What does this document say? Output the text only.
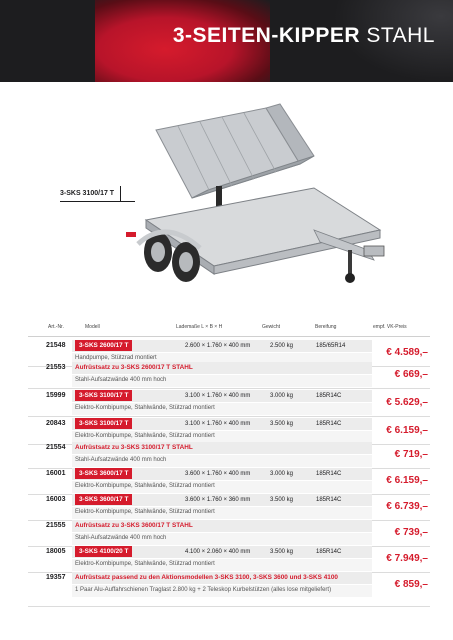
3-SEITEN-KIPPER STAHL
3-SKS 3100/17 T
Art.-Nr.	Modell	Lademaße L × B × H	Gewicht	Bereifung	empf. VK-Preis
21548	3-SKS 2600/17 T	2.600 × 1.760 × 400 mm	2.500 kg	185/65R14
Handpumpe, Stützrad montiert	€ 4.589,–
21553 Aufrüstsatz zu 3-SKS 2600/17 T STAHL
Stahl-Aufsatzwände 400 mm hoch	€ 669,–
15999	3-SKS 3100/17 T	3.100 × 1.760 × 400 mm	3.000 kg	185R14C
Elektro-Kombipumpe, Stahlwände, Stützrad montiert	€ 5.629,–
20843	3-SKS 3100/17 T	3.100 × 1.760 × 400 mm	3.500 kg	185R14C
Elektro-Kombipumpe, Stahlwände, Stützrad montiert	€ 6.159,–
21554 Aufrüstsatz zu 3-SKS 3100/17 T STAHL
Stahl-Aufsatzwände 400 mm hoch	€ 719,–
16001	3-SKS 3600/17 T	3.600 × 1.760 × 400 mm	3.000 kg	185R14C
Elektro-Kombipumpe, Stahlwände, Stützrad montiert	€ 6.159,–
16003	3-SKS 3600/17 T	3.600 × 1.760 × 360 mm	3.500 kg	185R14C
Elektro-Kombipumpe, Stahlwände, Stützrad montiert	€ 6.739,–
21555 Aufrüstsatz zu 3-SKS 3600/17 T STAHL
Stahl-Aufsatzwände 400 mm hoch	€ 739,–
18005	3-SKS 4100/20 T	4.100 × 2.060 × 400 mm	3.500 kg	185R14C
Elektro-Kombipumpe, Stahlwände, Stützrad montiert	€ 7.949,–
19357 Aufrüstsatz passend zu den Aktionsmodellen 3-SKS 3100, 3-SKS 3600 und 3-SKS 4100
1 Paar Alu-Auffahrschienen Traglast 2.800 kg + 2 Teleskop Kurbelstützen (alles lose mitgeliefert)	€ 859,–
